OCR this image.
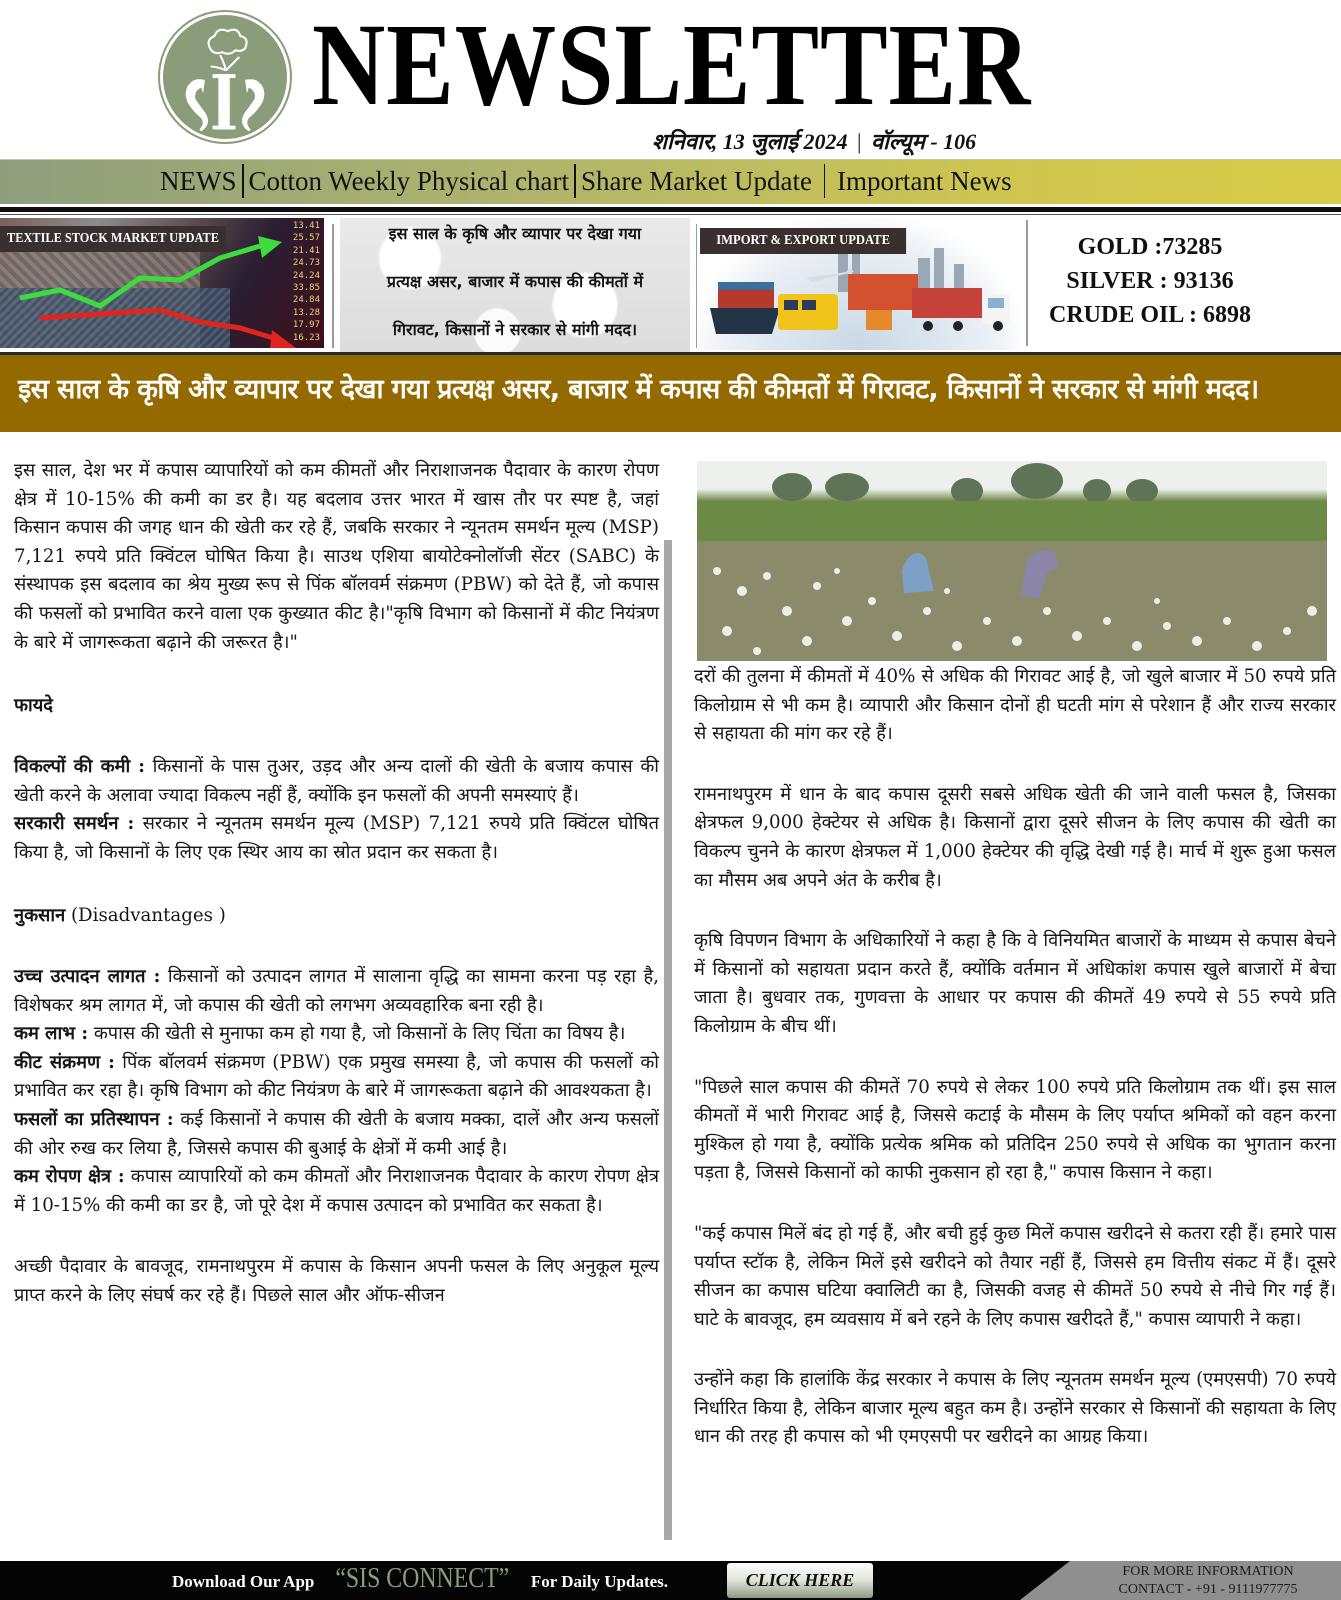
NEWSLETTER
शनिवार, 13 जुलाई 2024 | वॉल्यूम - 106
NEWS Cotton Weekly Physical chart Share Market Update Important News
13.41
25.57
21.41
24.73
24.24
33.85
24.84
13.28
17.97
16.23
TEXTILE STOCK MARKET UPDATE	इस साल के कृषि और व्यापार पर देखा गया
प्रत्यक्ष असर, बाजार में कपास की कीमतों में
गिरावट, किसानों ने सरकार से मांगी मदद।
IMPORT & EXPORT UPDATE	GOLD :73285
SILVER : 93136
CRUDE OIL : 6898
इस साल के कृषि और व्यापार पर देखा गया प्रत्यक्ष असर, बाजार में कपास की कीमतों में गिरावट, किसानों ने सरकार से मांगी मदद।

इस साल, देश भर में कपास व्यापारियों को कम कीमतों और निराशाजनक पैदावार के कारण रोपण क्षेत्र में 10-15% की कमी का डर है। यह बदलाव उत्तर भारत में खास तौर पर स्पष्ट है, जहां किसान कपास की जगह धान की खेती कर रहे हैं, जबकि सरकार ने न्यूनतम समर्थन मूल्य (MSP) 7,121 रुपये प्रति क्विंटल घोषित किया है। साउथ एशिया बायोटेक्नोलॉजी सेंटर (SABC) के संस्थापक इस बदलाव का श्रेय मुख्य रूप से पिंक बॉलवर्म संक्रमण (PBW) को देते हैं, जो कपास की फसलों को प्रभावित करने वाला एक कुख्यात कीट है।"कृषि विभाग को किसानों में कीट नियंत्रण के बारे में जागरूकता बढ़ाने की जरूरत है।"

फायदे

विकल्पों की कमी : किसानों के पास तुअर, उड़द और अन्य दालों की खेती के बजाय कपास की खेती करने के अलावा ज्यादा विकल्प नहीं हैं, क्योंकि इन फसलों की अपनी समस्याएं हैं।

सरकारी समर्थन : सरकार ने न्यूनतम समर्थन मूल्य (MSP) 7,121 रुपये प्रति क्विंटल घोषित किया है, जो किसानों के लिए एक स्थिर आय का स्रोत प्रदान कर सकता है।

नुकसान (Disadvantages )

उच्च उत्पादन लागत : किसानों को उत्पादन लागत में सालाना वृद्धि का सामना करना पड़ रहा है, विशेषकर श्रम लागत में, जो कपास की खेती को लगभग अव्यवहारिक बना रही है।

कम लाभ : कपास की खेती से मुनाफा कम हो गया है, जो किसानों के लिए चिंता का विषय है।

कीट संक्रमण : पिंक बॉलवर्म संक्रमण (PBW) एक प्रमुख समस्या है, जो कपास की फसलों को प्रभावित कर रहा है। कृषि विभाग को कीट नियंत्रण के बारे में जागरूकता बढ़ाने की आवश्यकता है।

फसलों का प्रतिस्थापन : कई किसानों ने कपास की खेती के बजाय मक्का, दालें और अन्य फसलों की ओर रुख कर लिया है, जिससे कपास की बुआई के क्षेत्रों में कमी आई है।

कम रोपण क्षेत्र : कपास व्यापारियों को कम कीमतों और निराशाजनक पैदावार के कारण रोपण क्षेत्र में 10-15% की कमी का डर है, जो पूरे देश में कपास उत्पादन को प्रभावित कर सकता है।

अच्छी पैदावार के बावजूद, रामनाथपुरम में कपास के किसान अपनी फसल के लिए अनुकूल मूल्य प्राप्त करने के लिए संघर्ष कर रहे हैं। पिछले साल और ऑफ-सीजन

दरों की तुलना में कीमतों में 40% से अधिक की गिरावट आई है, जो खुले बाजार में 50 रुपये प्रति किलोग्राम से भी कम है। व्यापारी और किसान दोनों ही घटती मांग से परेशान हैं और राज्य सरकार से सहायता की मांग कर रहे हैं।

रामनाथपुरम में धान के बाद कपास दूसरी सबसे अधिक खेती की जाने वाली फसल है, जिसका क्षेत्रफल 9,000 हेक्टेयर से अधिक है। किसानों द्वारा दूसरे सीजन के लिए कपास की खेती का विकल्प चुनने के कारण क्षेत्रफल में 1,000 हेक्टेयर की वृद्धि देखी गई है। मार्च में शुरू हुआ फसल का मौसम अब अपने अंत के करीब है।

कृषि विपणन विभाग के अधिकारियों ने कहा है कि वे विनियमित बाजारों के माध्यम से कपास बेचने में किसानों को सहायता प्रदान करते हैं, क्योंकि वर्तमान में अधिकांश कपास खुले बाजारों में बेचा जाता है। बुधवार तक, गुणवत्ता के आधार पर कपास की कीमतें 49 रुपये से 55 रुपये प्रति किलोग्राम के बीच थीं।

"पिछले साल कपास की कीमतें 70 रुपये से लेकर 100 रुपये प्रति किलोग्राम तक थीं। इस साल कीमतों में भारी गिरावट आई है, जिससे कटाई के मौसम के लिए पर्याप्त श्रमिकों को वहन करना मुश्किल हो गया है, क्योंकि प्रत्येक श्रमिक को प्रतिदिन 250 रुपये से अधिक का भुगतान करना पड़ता है, जिससे किसानों को काफी नुकसान हो रहा है," कपास किसान ने कहा।

"कई कपास मिलें बंद हो गई हैं, और बची हुई कुछ मिलें कपास खरीदने से कतरा रही हैं। हमारे पास पर्याप्त स्टॉक है, लेकिन मिलें इसे खरीदने को तैयार नहीं हैं, जिससे हम वित्तीय संकट में हैं। दूसरे सीजन का कपास घटिया क्वालिटी का है, जिसकी वजह से कीमतें 50 रुपये से नीचे गिर गई हैं। घाटे के बावजूद, हम व्यवसाय में बने रहने के लिए कपास खरीदते हैं," कपास व्यापारी ने कहा।

उन्होंने कहा कि हालांकि केंद्र सरकार ने कपास के लिए न्यूनतम समर्थन मूल्य (एमएसपी) 70 रुपये निर्धारित किया है, लेकिन बाजार मूल्य बहुत कम है। उन्होंने सरकार से किसानों की सहायता के लिए धान की तरह ही कपास को भी एमएसपी पर खरीदने का आग्रह किया।

Download Our App “SIS CONNECT” For Daily Updates.	CLICK HERE	FOR MORE INFORMATION
CONTACT - +91 - 9111977775
